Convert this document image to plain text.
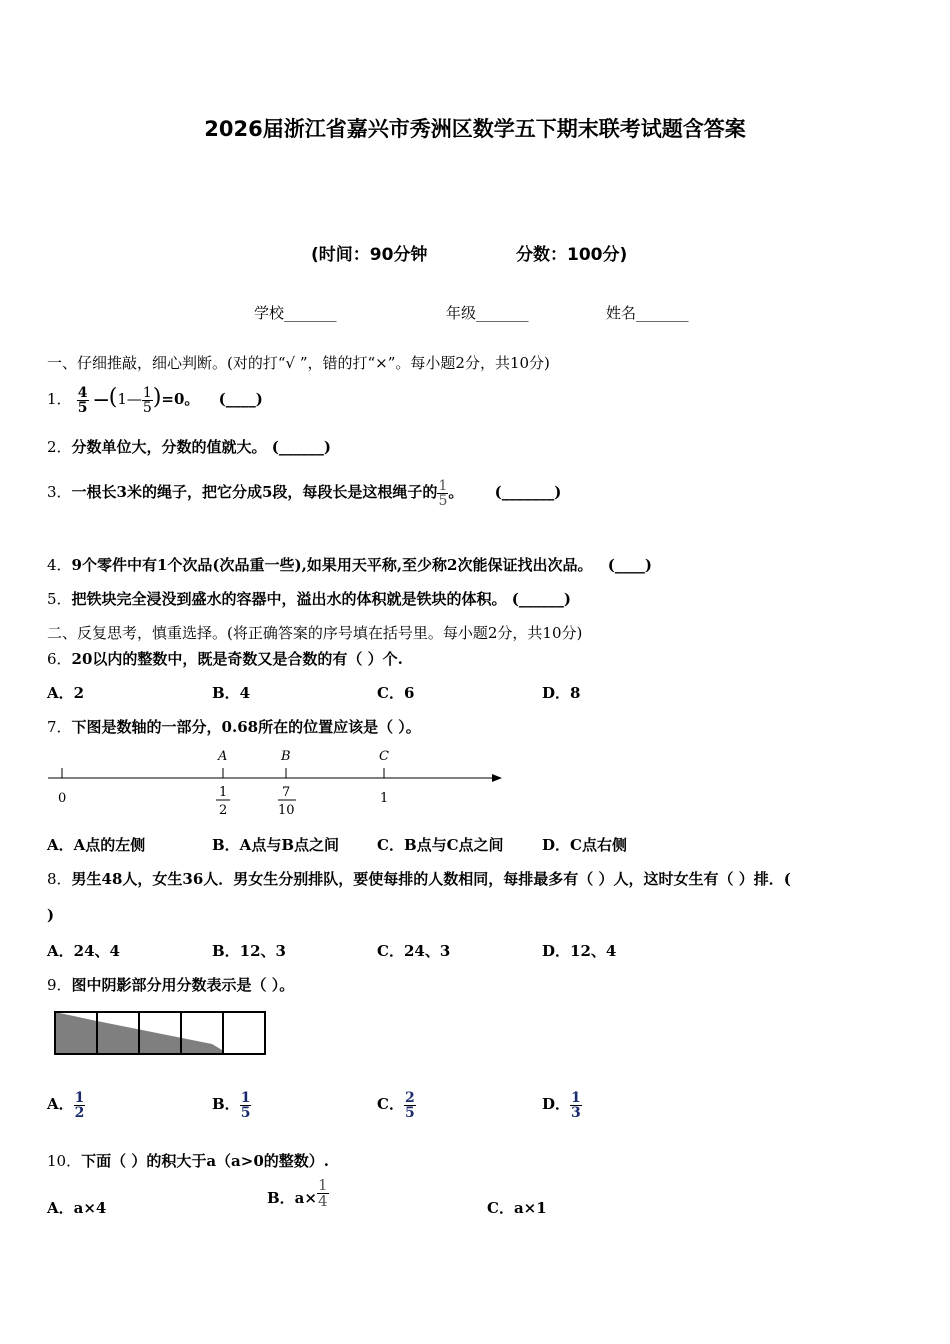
2026届浙江省嘉兴市秀洲区数学五下期末联考试题含答案
(时间：90分钟	分数：100分)
学校_______	年级_______	姓名_______
一、仔细推敲，细心判断。(对的打“√ ”，错的打“×”。每小题2分，共10分)
1． $\frac{4}{5}$ —(1— $\frac{1}{5} )=0$。 (____)
2．分数单位大，分数的值就大。 (______)
3．一根长3米的绳子，把它分成5段，每段长是这根绳子的 $\frac{1}{5}$ 。 (_______)
4．9个零件中有1个次品(次品重一些),如果用天平称,至少称2次能保证找出次品。 (____)
5．把铁块完全浸没到盛水的容器中，溢出水的体积就是铁块的体积。 (______)
二、反复思考，慎重选择。(将正确答案的序号填在括号里。每小题2分，共10分)
6．20以内的整数中，既是奇数又是合数的有（ ）个.
A．2	B．4	C．6	D．8
7．下图是数轴的一部分，0.68所在的位置应该是（ ）。
0
A	B	C
1
2
7
10
1
A．A点的左侧	B．A点与B点之间	C．B点与C点之间	D．C点右侧
8．男生48人，女生36人．男女生分别排队，要使每排的人数相同，每排最多有（ ）人，这时女生有（ ）排．(
)
A．24、4	B．12、3	C．24、3	D．12、4
9．图中阴影部分用分数表示是（ ）。
A． $\frac{1}{2}$	B． $\frac{1}{5}$	C． $\frac{2}{5}$	D． $\frac{1}{3}$
10．下面（ ）的积大于a（a>0的整数）.
A．a×4
B．$a\times \frac{1}{4}$	C．a×1
